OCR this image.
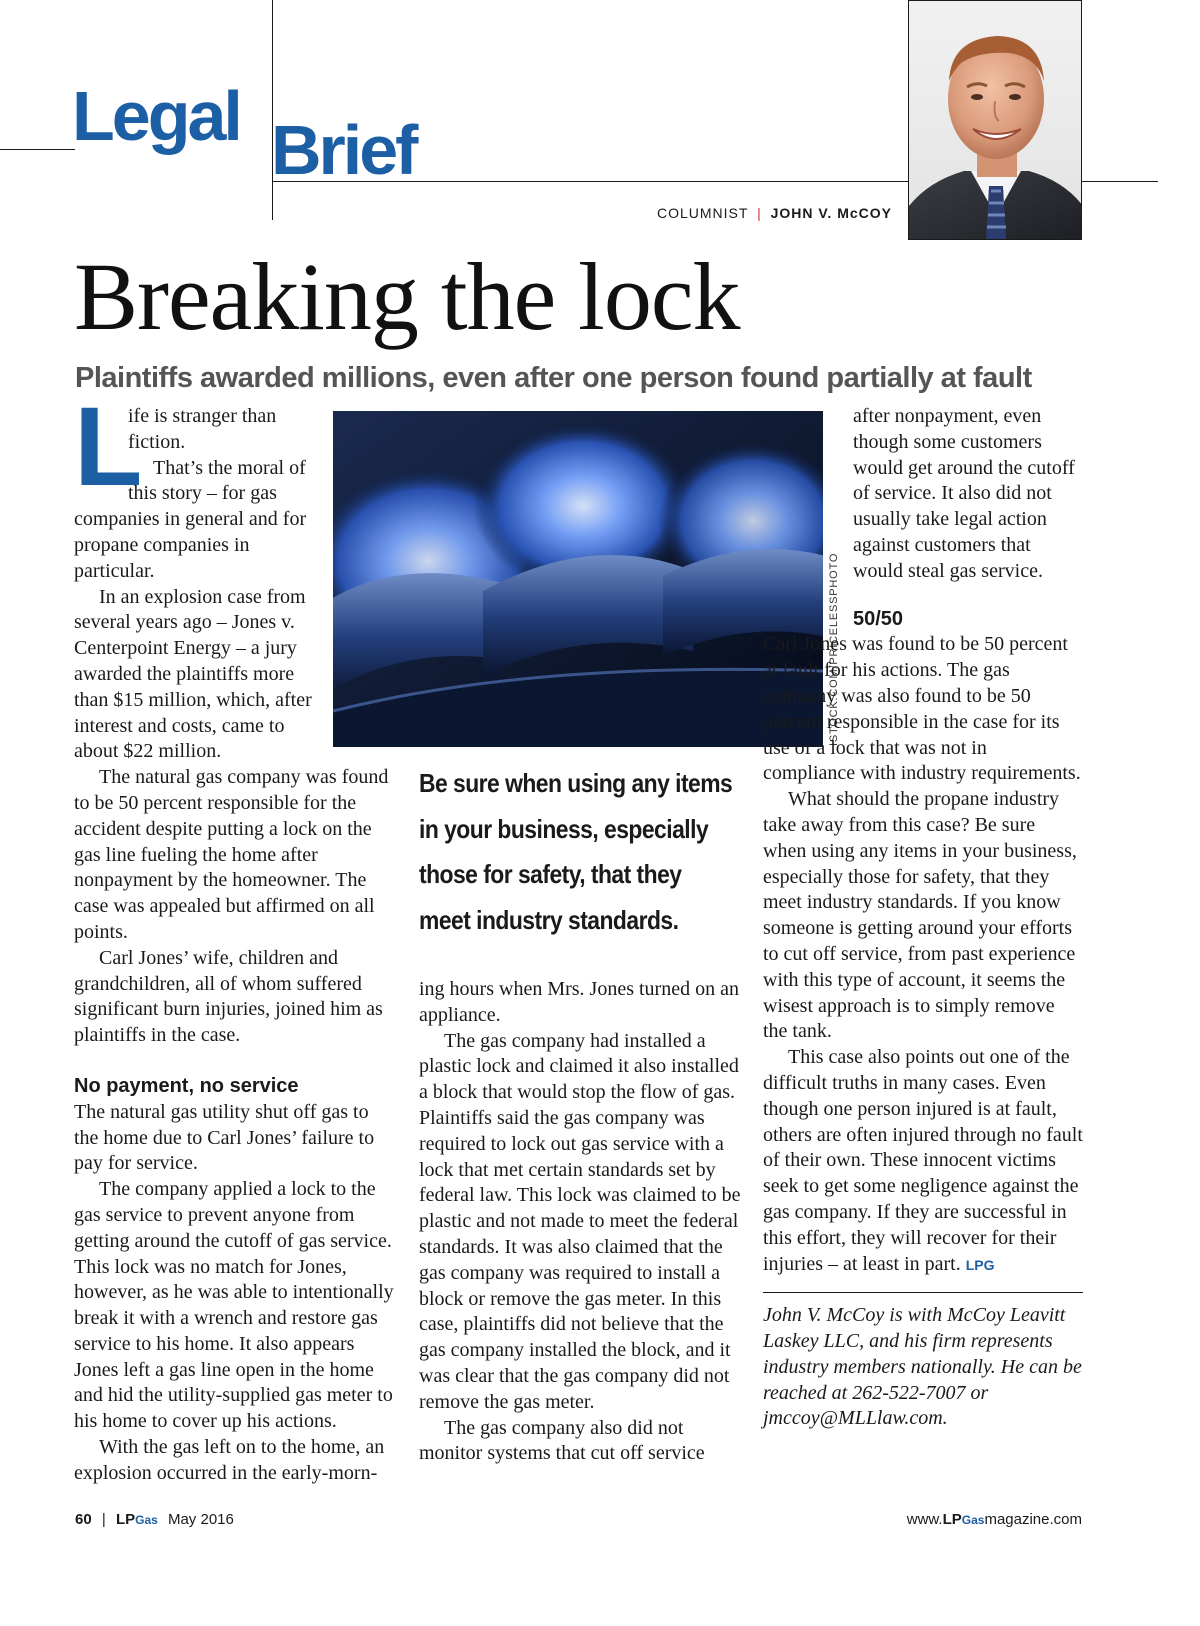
Legal Brief
COLUMNIST | JOHN V. McCOY
Breaking the lock
Plaintiffs awarded millions, even after one person found partially at fault
ISTOCK.COM/PRICELESSPHOTO
L

ife is stranger than fiction.

That’s the moral of this story – for gas companies in general and for propane companies in particular.

In an explosion case from several years ago – Jones v. Centerpoint Energy – a jury awarded the plaintiffs more than $15 million, which, after interest and costs, came to about $22 million.

The natural gas company was found to be 50 percent responsible for the accident despite putting a lock on the gas line fueling the home after nonpayment by the homeowner. The case was appealed but affirmed on all points.

Carl Jones’ wife, children and grandchildren, all of whom suffered significant burn injuries, joined him as plaintiffs in the case.

No payment, no service

The natural gas utility shut off gas to the home due to Carl Jones’ failure to pay for service.

The company applied a lock to the gas service to prevent anyone from getting around the cutoff of gas service. This lock was no match for Jones, however, as he was able to intentionally break it with a wrench and restore gas service to his home. It also appears Jones left a gas line open in the home and hid the utility-supplied gas meter to his home to cover up his actions.

With the gas left on to the home, an explosion occurred in the early-morn-

Be sure when using any items
in your business, especially
those for safety, that they
meet industry standards.

ing hours when Mrs. Jones turned on an appliance.

The gas company had installed a plastic lock and claimed it also installed a block that would stop the flow of gas. Plaintiffs said the gas company was required to lock out gas service with a lock that met certain standards set by federal law. This lock was claimed to be plastic and not made to meet the federal standards. It was also claimed that the gas company was required to install a block or remove the gas meter. In this case, plaintiffs did not believe that the gas company installed the block, and it was clear that the gas company did not remove the gas meter.

The gas company also did not monitor systems that cut off service

after nonpayment, even though some customers would get around the cutoff of service. It also did not usually take legal action against customers that would steal gas service.

50/50

Carl Jones was found to be 50 percent at fault for his actions. The gas company was also found to be 50 percent responsible in the case for its use of a lock that was not in compliance with industry requirements.

What should the propane industry take away from this case? Be sure when using any items in your business, especially those for safety, that they meet industry standards. If you know someone is getting around your efforts to cut off service, from past experience with this type of account, it seems the wisest approach is to simply remove the tank.

This case also points out one of the difficult truths in many cases. Even though one person injured is at fault, others are often injured through no fault of their own. These innocent victims seek to get some negligence against the gas company. If they are successful in this effort, they will recover for their injuries – at least in part. LPG

John V. McCoy is with McCoy Leavitt Laskey LLC, and his firm represents industry members nationally. He can be reached at 262-522-7007 or jmccoy@MLLlaw.com.

60 | LPGas May 2016	www.LPGasmagazine.com
